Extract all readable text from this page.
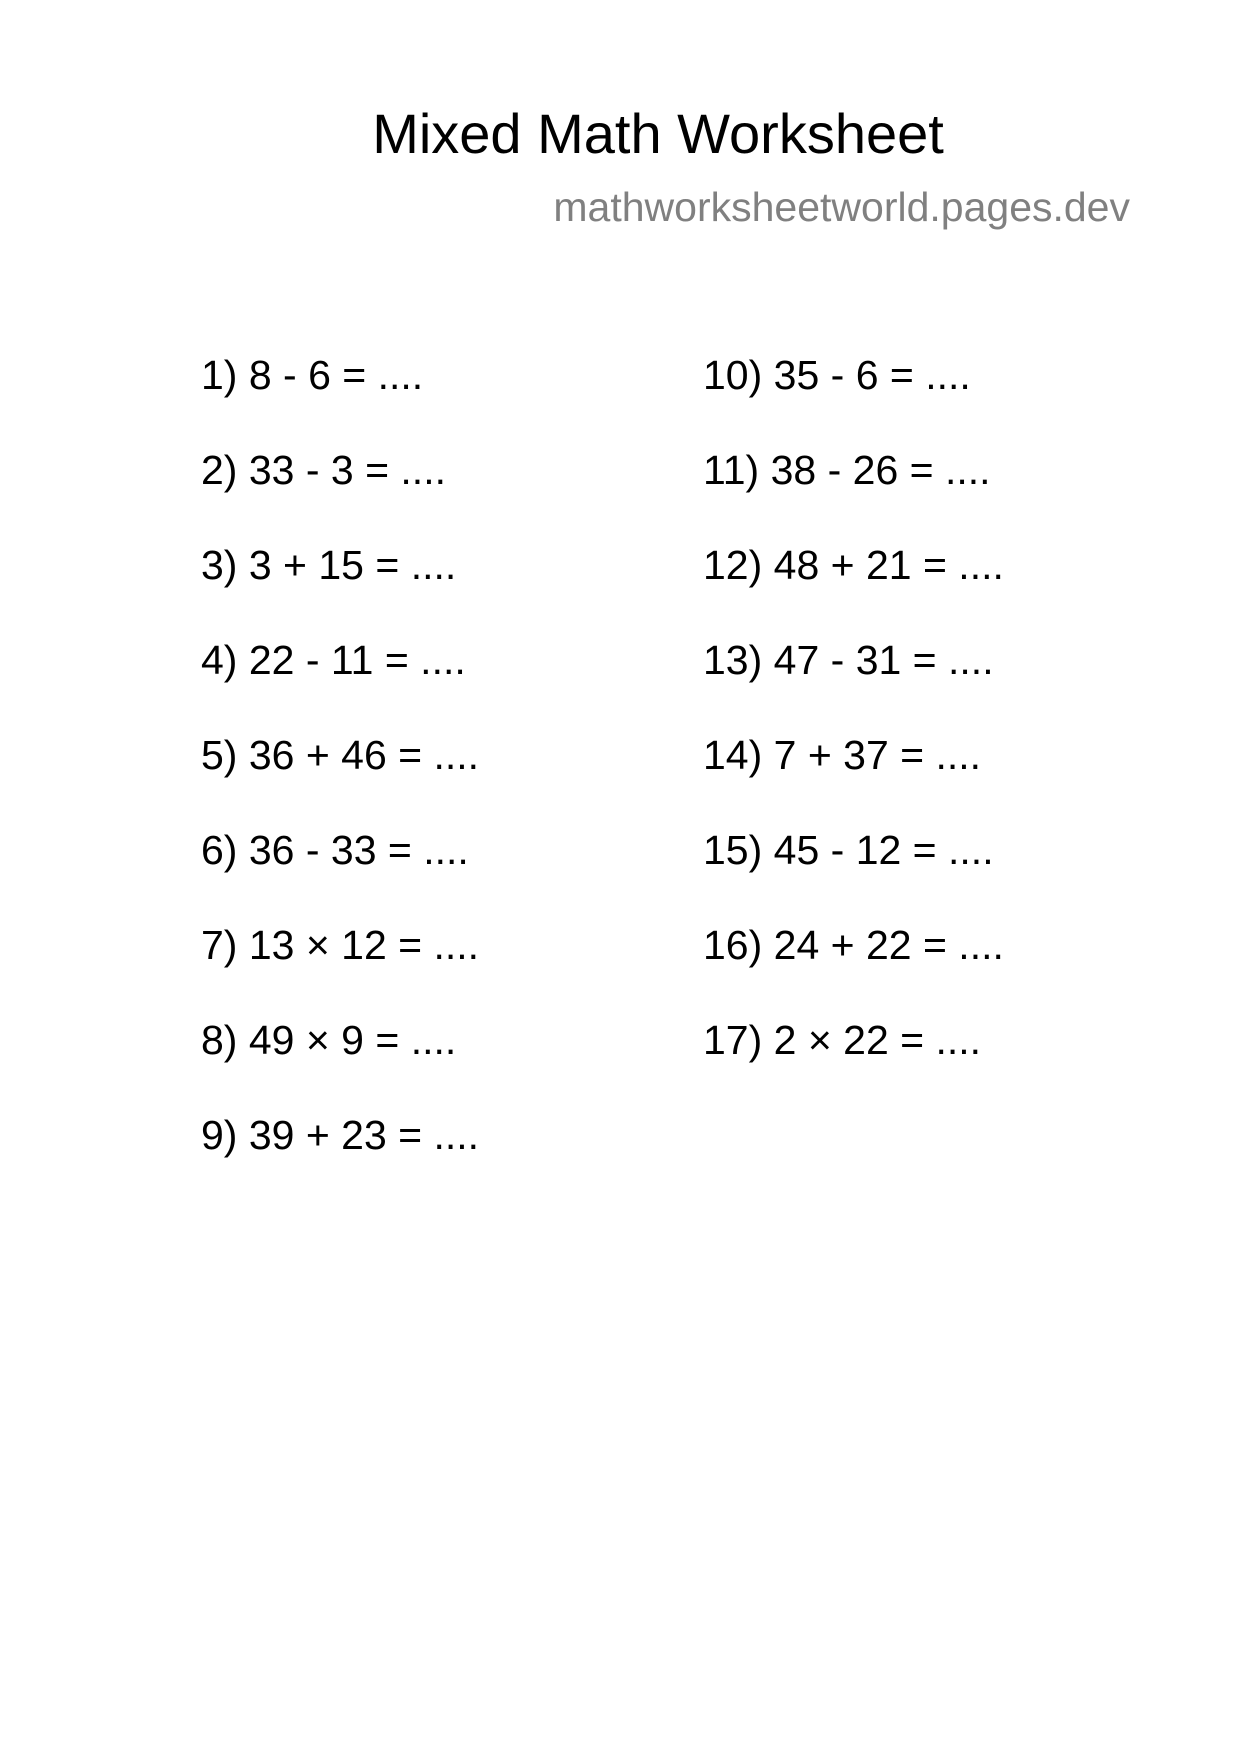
Mixed Math Worksheet
mathworksheetworld.pages.dev
1) 8 - 6 = ....
2) 33 - 3 = ....
3) 3 + 15 = ....
4) 22 - 11 = ....
5) 36 + 46 = ....
6) 36 - 33 = ....
7) 13 × 12 = ....
8) 49 × 9 = ....
9) 39 + 23 = ....
10) 35 - 6 = ....
11) 38 - 26 = ....
12) 48 + 21 = ....
13) 47 - 31 = ....
14) 7 + 37 = ....
15) 45 - 12 = ....
16) 24 + 22 = ....
17) 2 × 22 = ....
